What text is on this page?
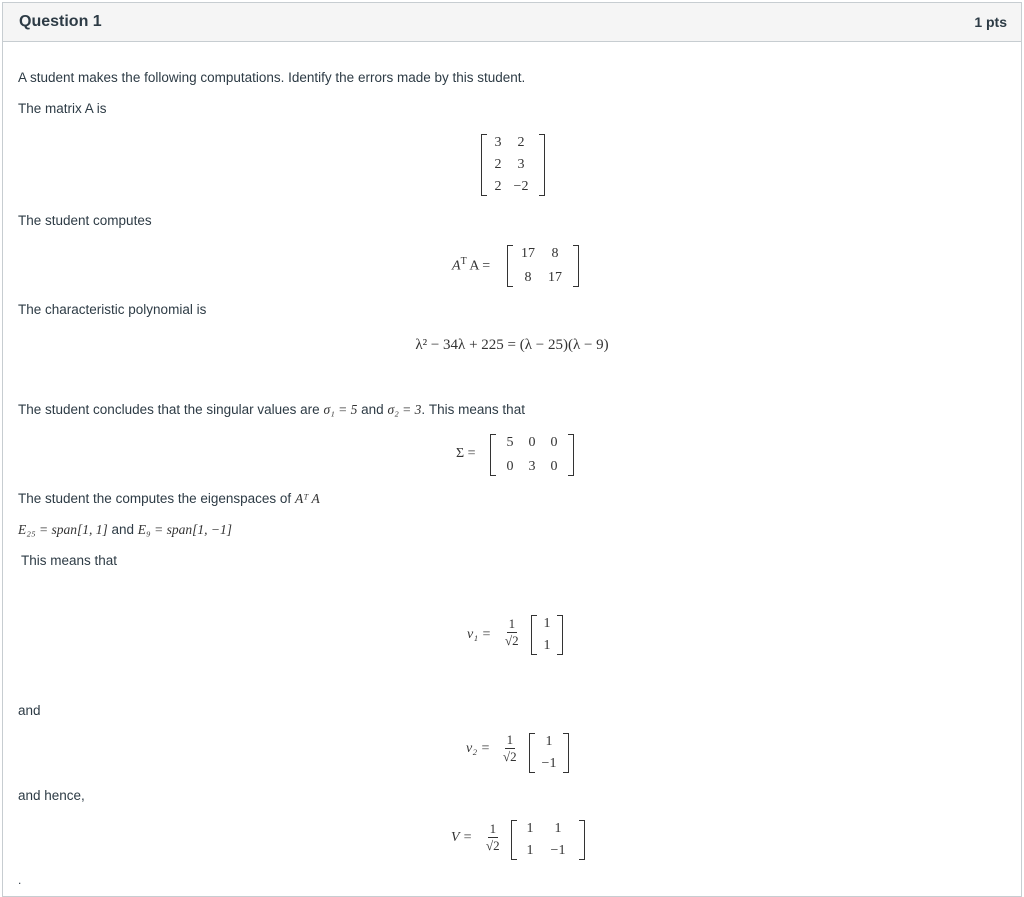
Question 1	1 pts
A student makes the following computations. Identify the errors made by this student.
The matrix A is
3	2
2	3
2 −2
The student computes
$A^T$ A =
17	8
8	17
The characteristic polynomial is
λ² − 34λ + 225 = (λ − 25)(λ − 9)
The student concludes that the singular values are σ₁ = 5 and σ₂ = 3. This means that
Σ =
5	0	0
0	3	0
The student the computes the eigenspaces of Aᵀ A
E₂₅ = span[1, 1] and E₉ = span[1, −1]
This means that
$v_1 = \frac{1}{√2} 1$
1
and
$v_2 = \frac{1}{√2}$	1
−1
and hence,
$V = \frac{1}{√2}$	1	1
1	−1
.
